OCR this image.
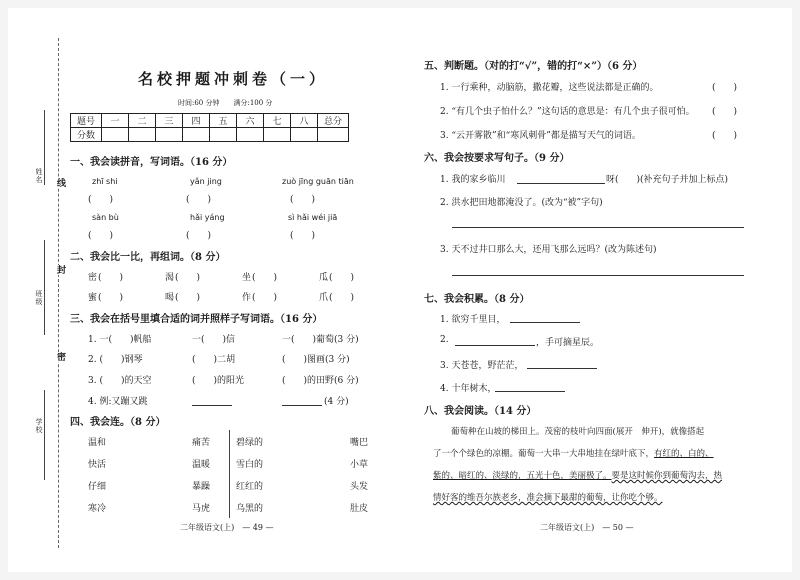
姓名
班级
学校
线
封
密
名校押题冲刺卷（一）
时间:60 分钟　　满分:100 分
题号	一	二	三	四	五	六	七	八	总分
分数									
一、我会读拼音，写词语。（16 分）
zhī shi	yǎn jing	zuò jīng guān tiān
(　　)	(　　)	(　　)
sàn bù	hǎi yáng	sì hǎi wéi jiā
(　　)	(　　)	(　　)
二、我会比一比，再组词。（8 分）
密 (　　)	渴 (　　)	坐 (　　)	瓜 (　　)
蜜 (　　)	喝 (　　)	作 (　　)	爪 (　　)
三、我会在括号里填合适的词并照样子写词语。（16 分）
1. 一(　　)帆船	一(　　)信	一(　　)葡萄(3 分)
2. (　　)钢琴	(　　)二胡	(　　)图画(3 分)
3. (　　)的天空	(　　)的阳光	(　　)的田野(6 分)
4. 例:又蹦又跳	(4 分)
四、我会连。（8 分）
温和
快活
仔细
寒冷
痛苦
温暖
暴躁
马虎
碧绿的
雪白的
红红的
乌黑的
嘴巴
小草
头发
肚皮
二年级语文(上)　— 49 —
五、判断题。（对的打“√”，错的打“×”）（6 分）
1. 一行乘种，动脑筋，撒花瓣，这些说法都是正确的。	(　　)
2. “有几个虫子怕什么？”这句话的意思是：有几个虫子很可怕。 (　　)
3. “云开雾散”和“寒风刺骨”都是描写天气的词语。	(　　)
六、我会按要求写句子。（9 分）
1. 我的家乡临川	呀(　　)(补充句子并加上标点)
2. 洪水把田地都淹没了。(改为“被”字句)
3. 天不过井口那么大，还用飞那么远吗？(改为陈述句)
七、我会积累。（8 分）
1. 欲穷千里目，
2.	，手可摘星辰。
3. 天苍苍，野茫茫，
4. 十年树木，
八、我会阅读。（14 分）
葡萄种在山坡的梯田上。茂密的枝叶向四面(展开　伸开)，就像搭起
了一个个绿色的凉棚。葡萄一大串一大串地挂在绿叶底下，有红的、白的、
紫的、暗红的、淡绿的，五光十色，美丽极了。要是这时候你到葡萄沟去，热
情好客的维吾尔族老乡，准会摘下最甜的葡萄，让你吃个够。
二年级语文(上)　— 50 —
